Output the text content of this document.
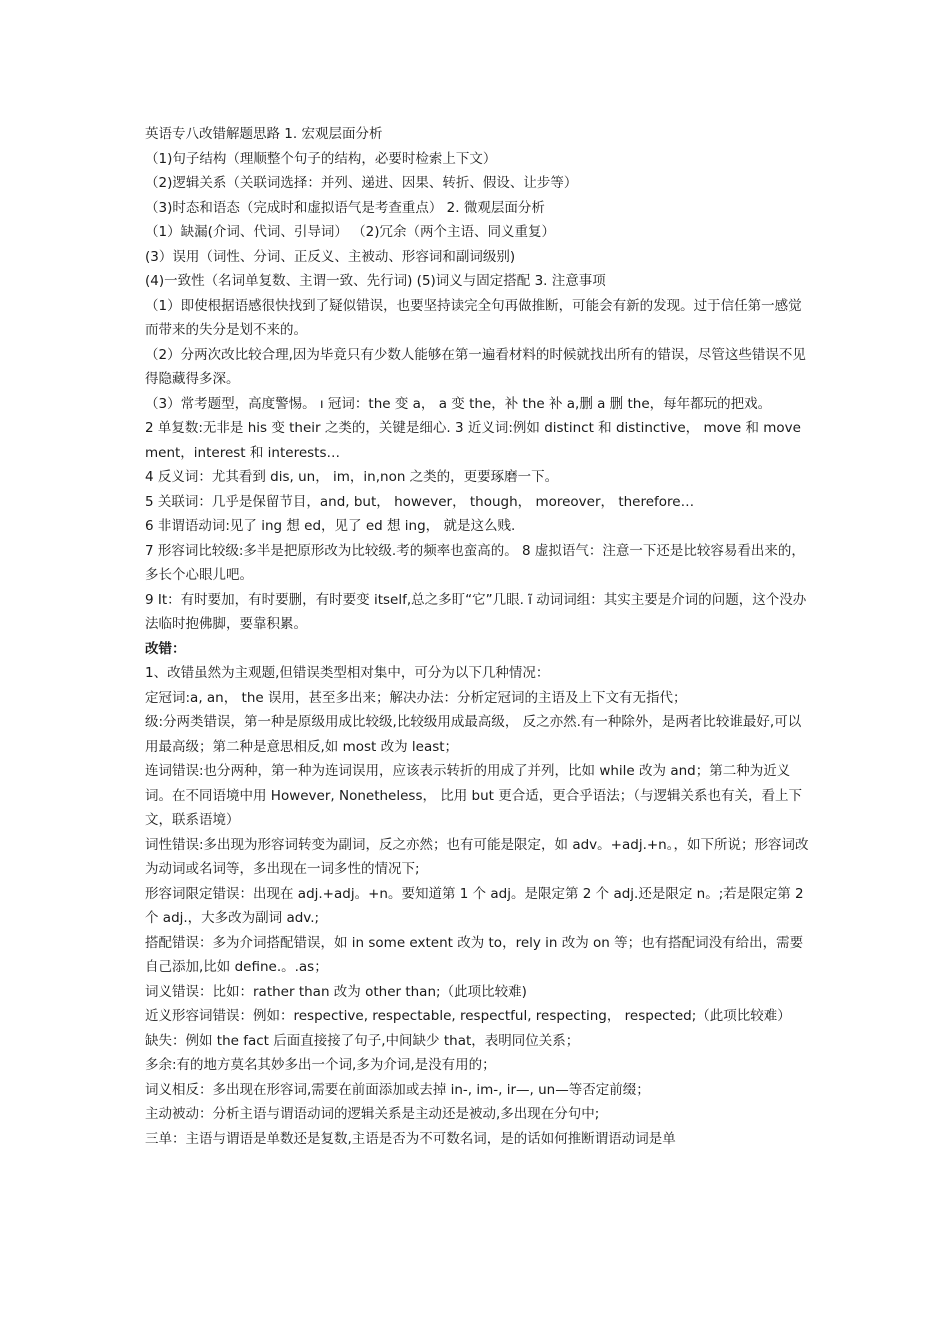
英语专八改错解题思路 1. 宏观层面分析

（1)句子结构（理顺整个句子的结构，必要时检索上下文）

（2)逻辑关系（关联词选择：并列、递进、因果、转折、假设、让步等）

（3)时态和语态（完成时和虚拟语气是考查重点） 2. 微观层面分析

（1）缺漏(介词、代词、引导词） （2)冗余（两个主语、同义重复）

(3）误用（词性、分词、正反义、主被动、形容词和副词级别)

(4)一致性（名词单复数、主谓一致、先行词) (5)词义与固定搭配 3. 注意事项

（1）即使根据语感很快找到了疑似错误，也要坚持读完全句再做推断，可能会有新的发现。过于信任第一感觉而带来的失分是划不来的。

（2）分两次改比较合理,因为毕竟只有少数人能够在第一遍看材料的时候就找出所有的错误，尽管这些错误不见得隐藏得多深。

（3）常考题型，高度警惕。 ı 冠词：the 变 a， a 变 the，补 the 补 a,删 a 删 the，每年都玩的把戏。

2 单复数:无非是 his 变 their 之类的，关键是细心. 3 近义词:例如 distinct 和 distinctive， move 和 movement，interest 和 interests…

4 反义词：尤其看到 dis, un， im，in,non 之类的，更要琢磨一下。

5 关联词：几乎是保留节目，and, but， however， though， moreover， therefore…

6 非谓语动词:见了 ing 想 ed，见了 ed 想 ing， 就是这么贱.

7 形容词比较级:多半是把原形改为比较级.考的频率也蛮高的。 8 虚拟语气：注意一下还是比较容易看出来的，多长个心眼儿吧。

9 It：有时要加，有时要删，有时要变 itself,总之多盯“它”几眼. ı̃ 动词词组：其实主要是介词的问题，这个没办法临时抱佛脚，要靠积累。

改错：

1、改错虽然为主观题,但错误类型相对集中，可分为以下几种情况：

定冠词:a, an， the 误用，甚至多出来；解决办法：分析定冠词的主语及上下文有无指代；

级:分两类错误，第一种是原级用成比较级,比较级用成最高级， 反之亦然.有一种除外，是两者比较谁最好,可以用最高级；第二种是意思相反,如 most 改为 least；

连词错误:也分两种，第一种为连词误用，应该表示转折的用成了并列，比如 while 改为 and；第二种为近义词。在不同语境中用 However, Nonetheless， 比用 but 更合适，更合乎语法；（与逻辑关系也有关，看上下文，联系语境）

词性错误:多出现为形容词转变为副词，反之亦然；也有可能是限定，如 adv。+adj.+n。，如下所说；形容词改为动词或名词等，多出现在一词多性的情况下;

形容词限定错误：出现在 adj.+adj。+n。要知道第 1 个 adj。是限定第 2 个 adj.还是限定 n。;若是限定第 2 个 adj.，大多改为副词 adv.;

搭配错误：多为介词搭配错误，如 in some extent 改为 to，rely in 改为 on 等；也有搭配词没有给出，需要自己添加,比如 define.。.as；

词义错误：比如：rather than 改为 other than;（此项比较难)

近义形容词错误：例如：respective, respectable, respectful, respecting， respected;（此项比较难）

缺失：例如 the fact 后面直接接了句子,中间缺少 that，表明同位关系；

多余:有的地方莫名其妙多出一个词,多为介词,是没有用的；

词义相反：多出现在形容词,需要在前面添加或去掉 in-, im-, ir—, un—等否定前缀；

主动被动：分析主语与谓语动词的逻辑关系是主动还是被动,多出现在分句中;

三单：主语与谓语是单数还是复数,主语是否为不可数名词，是的话如何推断谓语动词是单
